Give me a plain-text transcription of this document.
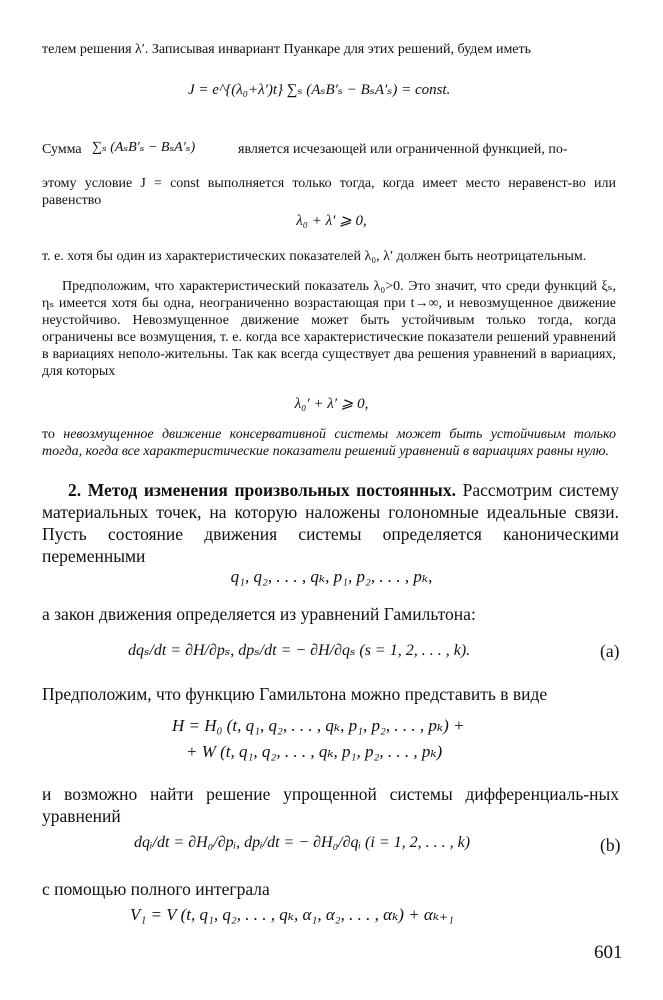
телем решения λ′. Записывая инвариант Пуанкаре для этих решений, будем иметь
J = e^{(λ₀+λ′)t} ∑ₛ (AₛB′ₛ − BₛA′ₛ) = const.
Сумма ∑ₛ (AₛB′ₛ − BₛA′ₛ)	является исчезающей или ограниченной функцией, по-
этому условие J = const выполняется только тогда, когда имеет место неравенст-во или равенство
λ₀ + λ′ ⩾ 0,
т. е. хотя бы один из характеристических показателей λ₀, λ′ должен быть неотрицательным.
Предположим, что характеристический показатель λ₀>0. Это значит, что среди функций ξₛ, ηₛ имеется хотя бы одна, неограниченно возрастающая при t→∞, и невозмущенное движение неустойчиво. Невозмущенное движение может быть устойчивым только тогда, когда ограничены все возмущения, т. е. когда все характеристические показатели решений уравнений в вариациях неполо-жительны. Так как всегда существует два решения уравнений в вариациях, для которых
λ₀′ + λ′ ⩾ 0,
то невозмущенное движение консервативной системы может быть устойчивым только тогда, когда все характеристические показатели решений уравнений в вариациях равны нулю.
2. Метод изменения произвольных постоянных. Рассмотрим систему материальных точек, на которую наложены голономные идеальные связи. Пусть состояние движения системы определяется каноническими переменными
q₁, q₂, . . . , qₖ, p₁, p₂, . . . , pₖ,
а закон движения определяется из уравнений Гамильтона:
dqₛ/dt = ∂H/∂pₛ, dpₛ/dt = − ∂H/∂qₛ (s = 1, 2, . . . , k).	(a)
Предположим, что функцию Гамильтона можно представить в виде
H = H₀ (t, q₁, q₂, . . . , qₖ, p₁, p₂, . . . , pₖ) +
+ W (t, q₁, q₂, . . . , qₖ, p₁, p₂, . . . , pₖ)
и возможно найти решение упрощенной системы дифференциаль-ных уравнений
dqᵢ/dt = ∂H₀/∂pᵢ, dpᵢ/dt = − ∂H₀/∂qᵢ (i = 1, 2, . . . , k)	(b)
с помощью полного интеграла
V₁ = V (t, q₁, q₂, . . . , qₖ, α₁, α₂, . . . , αₖ) + αₖ₊₁
601
